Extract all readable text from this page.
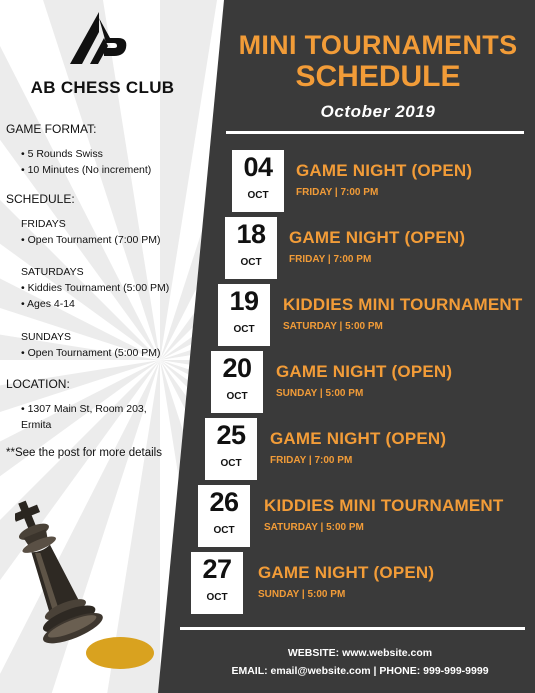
AB CHESS CLUB
GAME FORMAT:
• 5 Rounds Swiss
• 10 Minutes (No increment)
SCHEDULE:
FRIDAYS
• Open Tournament (7:00 PM)
SATURDAYS
• Kiddies Tournament (5:00 PM)
• Ages 4-14
SUNDAYS
• Open Tournament (5:00 PM)
LOCATION:
• 1307 Main St, Room 203,
Ermita
**See the post for more details
MINI TOURNAMENTS
SCHEDULE
October 2019
04
OCT
GAME NIGHT (OPEN)
FRIDAY | 7:00 PM
18
OCT
GAME NIGHT (OPEN)
FRIDAY | 7:00 PM
19
OCT
KIDDIES MINI TOURNAMENT
SATURDAY | 5:00 PM
20
OCT
GAME NIGHT (OPEN)
SUNDAY | 5:00 PM
25
OCT
GAME NIGHT (OPEN)
FRIDAY | 7:00 PM
26
OCT
KIDDIES MINI TOURNAMENT
SATURDAY | 5:00 PM
27
OCT
GAME NIGHT (OPEN)
SUNDAY | 5:00 PM
WEBSITE: www.website.com
EMAIL: email@website.com | PHONE: 999-999-9999
